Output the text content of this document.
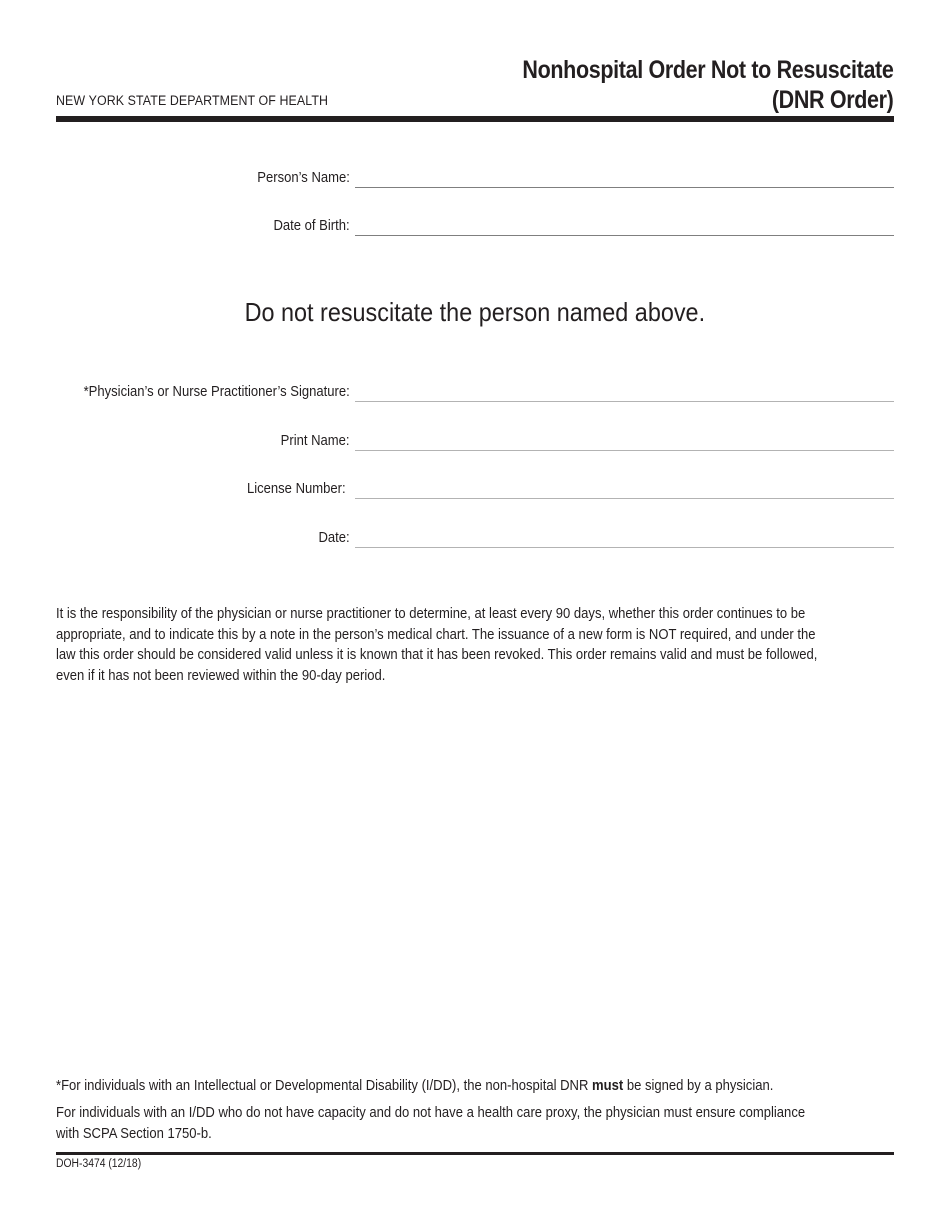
NEW YORK STATE DEPARTMENT OF HEALTH
Nonhospital Order Not to Resuscitate
(DNR Order)
Person’s Name:
Date of Birth:
Do not resuscitate the person named above.
*Physician’s or Nurse Practitioner’s Signature:
Print Name:
License Number:
Date:
It is the responsibility of the physician or nurse practitioner to determine, at least every 90 days, whether this order continues to be
appropriate, and to indicate this by a note in the person’s medical chart. The issuance of a new form is NOT required, and under the
law this order should be considered valid unless it is known that it has been revoked. This order remains valid and must be followed,
even if it has not been reviewed within the 90-day period.
*For individuals with an Intellectual or Developmental Disability (I/DD), the non-hospital DNR must be signed by a physician.
For individuals with an I/DD who do not have capacity and do not have a health care proxy, the physician must ensure compliance
with SCPA Section 1750-b.
DOH-3474 (12/18)
